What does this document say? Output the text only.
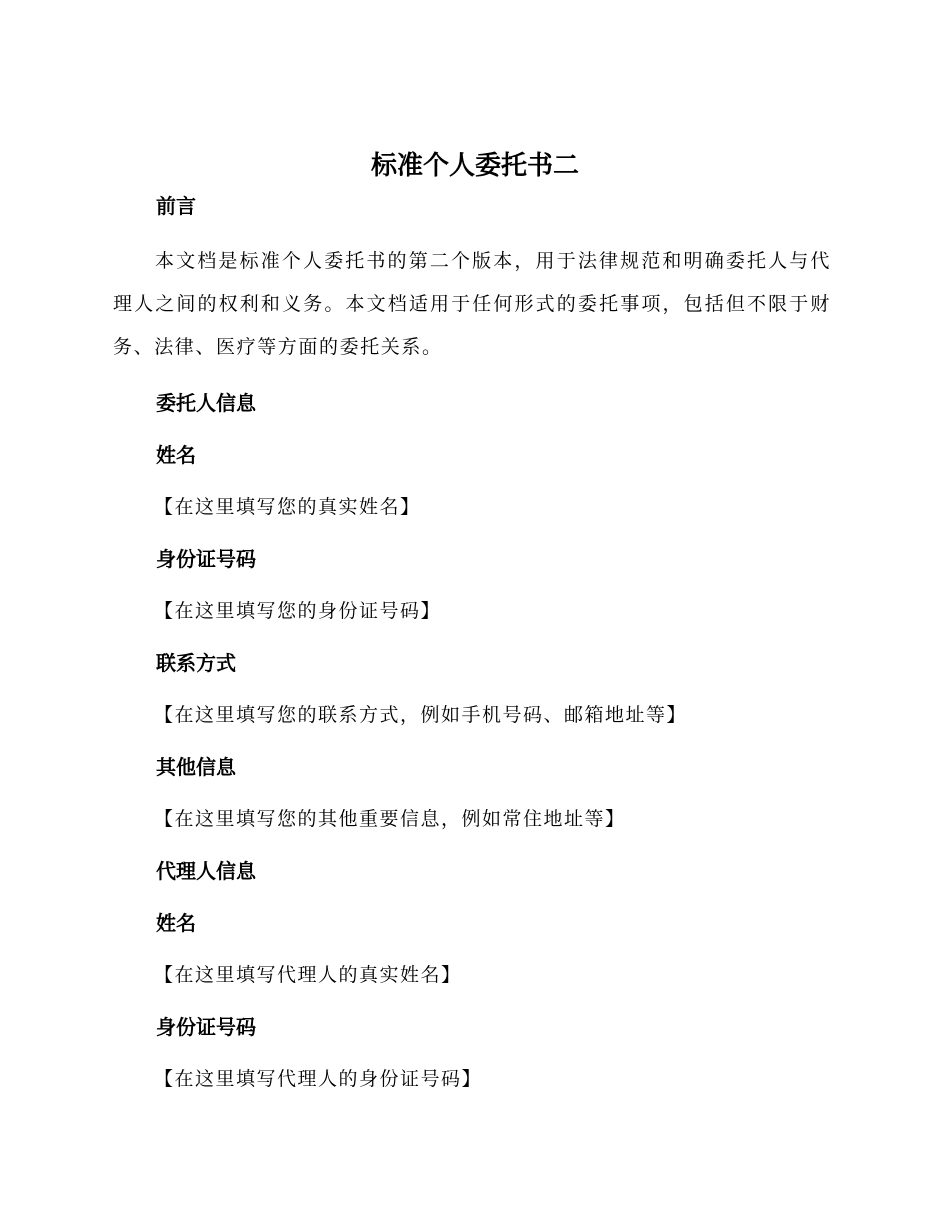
标准个人委托书二
前言

本文档是标准个人委托书的第二个版本，用于法律规范和明确委托人与代理人之间的权利和义务。本文档适用于任何形式的委托事项，包括但不限于财务、法律、医疗等方面的委托关系。

委托人信息
姓名
【在这里填写您的真实姓名】
身份证号码
【在这里填写您的身份证号码】
联系方式
【在这里填写您的联系方式，例如手机号码、邮箱地址等】
其他信息
【在这里填写您的其他重要信息，例如常住地址等】
代理人信息
姓名
【在这里填写代理人的真实姓名】
身份证号码
【在这里填写代理人的身份证号码】
